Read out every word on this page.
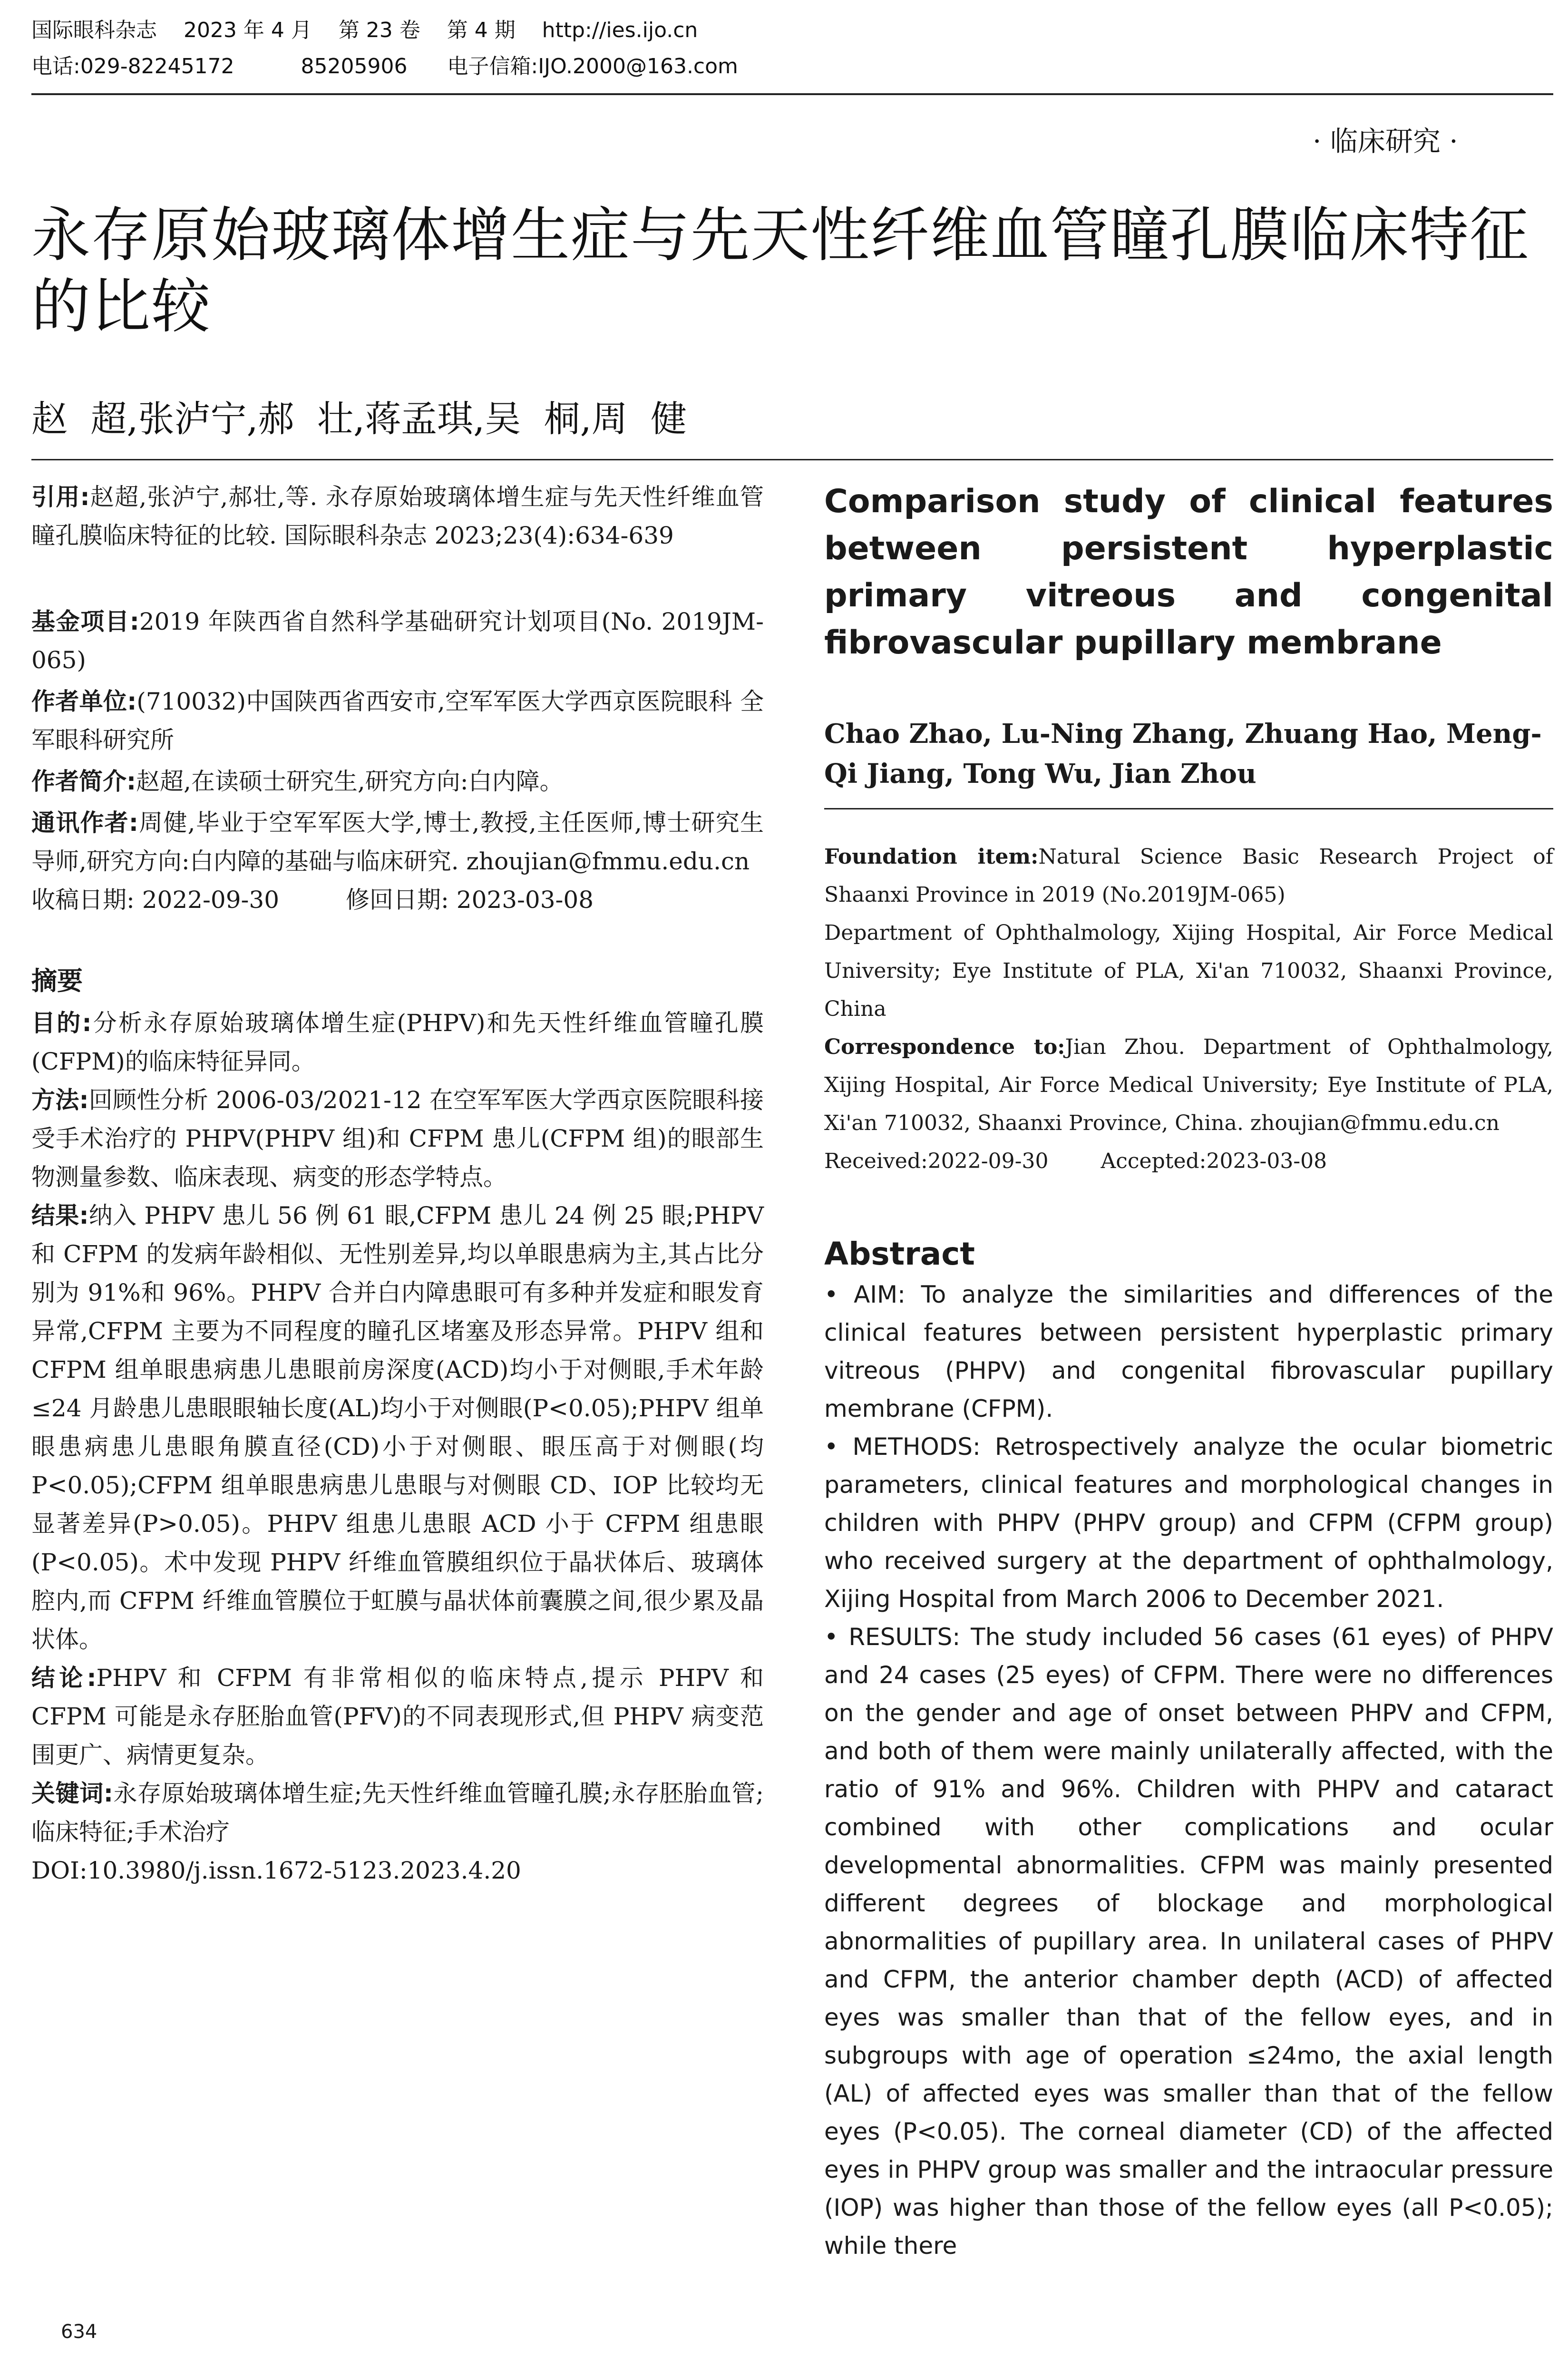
国际眼科杂志    2023 年 4 月    第 23 卷    第 4 期    http://ies.ijo.cn
电话:029-82245172          85205906      电子信箱:IJO.2000@163.com
· 临床研究 ·
永存原始玻璃体增生症与先天性纤维血管瞳孔膜临床特征的比较
赵  超,张泸宁,郝  壮,蒋孟琪,吴  桐,周  健

引用:赵超,张泸宁,郝壮,等. 永存原始玻璃体增生症与先天性纤维血管瞳孔膜临床特征的比较. 国际眼科杂志 2023;23(4):634-639

基金项目:2019 年陕西省自然科学基础研究计划项目(No. 2019JM-065)

作者单位:(710032)中国陕西省西安市,空军军医大学西京医院眼科 全军眼科研究所

作者简介:赵超,在读硕士研究生,研究方向:白内障。

通讯作者:周健,毕业于空军军医大学,博士,教授,主任医师,博士研究生导师,研究方向:白内障的基础与临床研究. zhoujian@fmmu.edu.cn

收稿日期: 2022-09-30	修回日期: 2023-03-08

摘要

目的:分析永存原始玻璃体增生症(PHPV)和先天性纤维血管瞳孔膜(CFPM)的临床特征异同。

方法:回顾性分析 2006-03/2021-12 在空军军医大学西京医院眼科接受手术治疗的 PHPV(PHPV 组)和 CFPM 患儿(CFPM 组)的眼部生物测量参数、临床表现、病变的形态学特点。

结果:纳入 PHPV 患儿 56 例 61 眼,CFPM 患儿 24 例 25 眼;PHPV 和 CFPM 的发病年龄相似、无性别差异,均以单眼患病为主,其占比分别为 91%和 96%。PHPV 合并白内障患眼可有多种并发症和眼发育异常,CFPM 主要为不同程度的瞳孔区堵塞及形态异常。PHPV 组和 CFPM 组单眼患病患儿患眼前房深度(ACD)均小于对侧眼,手术年龄≤24 月龄患儿患眼眼轴长度(AL)均小于对侧眼(P<0.05);PHPV 组单眼患病患儿患眼角膜直径(CD)小于对侧眼、眼压高于对侧眼(均 P<0.05);CFPM 组单眼患病患儿患眼与对侧眼 CD、IOP 比较均无显著差异(P>0.05)。PHPV 组患儿患眼 ACD 小于 CFPM 组患眼(P<0.05)。术中发现 PHPV 纤维血管膜组织位于晶状体后、玻璃体腔内,而 CFPM 纤维血管膜位于虹膜与晶状体前囊膜之间,很少累及晶状体。

结论:PHPV 和 CFPM 有非常相似的临床特点,提示 PHPV 和 CFPM 可能是永存胚胎血管(PFV)的不同表现形式,但 PHPV 病变范围更广、病情更复杂。

关键词:永存原始玻璃体增生症;先天性纤维血管瞳孔膜;永存胚胎血管;临床特征;手术治疗

DOI:10.3980/j.issn.1672-5123.2023.4.20

Comparison study of clinical features between persistent hyperplastic primary vitreous and congenital fibrovascular pupillary membrane

Chao Zhao, Lu-Ning Zhang, Zhuang Hao, Meng-Qi Jiang, Tong Wu, Jian Zhou

Foundation item:Natural Science Basic Research Project of Shaanxi Province in 2019 (No.2019JM-065)

Department of Ophthalmology, Xijing Hospital, Air Force Medical University; Eye Institute of PLA, Xi'an 710032, Shaanxi Province, China

Correspondence to:Jian Zhou. Department of Ophthalmology, Xijing Hospital, Air Force Medical University; Eye Institute of PLA, Xi'an 710032, Shaanxi Province, China. zhoujian@fmmu.edu.cn

Received:2022-09-30	Accepted:2023-03-08

Abstract

• AIM: To analyze the similarities and differences of the clinical features between persistent hyperplastic primary vitreous (PHPV) and congenital fibrovascular pupillary membrane (CFPM).

• METHODS: Retrospectively analyze the ocular biometric parameters, clinical features and morphological changes in children with PHPV (PHPV group) and CFPM (CFPM group) who received surgery at the department of ophthalmology, Xijing Hospital from March 2006 to December 2021.

• RESULTS: The study included 56 cases (61 eyes) of PHPV and 24 cases (25 eyes) of CFPM. There were no differences on the gender and age of onset between PHPV and CFPM, and both of them were mainly unilaterally affected, with the ratio of 91% and 96%. Children with PHPV and cataract combined with other complications and ocular developmental abnormalities. CFPM was mainly presented different degrees of blockage and morphological abnormalities of pupillary area. In unilateral cases of PHPV and CFPM, the anterior chamber depth (ACD) of affected eyes was smaller than that of the fellow eyes, and in subgroups with age of operation ≤24mo, the axial length (AL) of affected eyes was smaller than that of the fellow eyes (P<0.05). The corneal diameter (CD) of the affected eyes in PHPV group was smaller and the intraocular pressure (IOP) was higher than those of the fellow eyes (all P<0.05); while there

634
